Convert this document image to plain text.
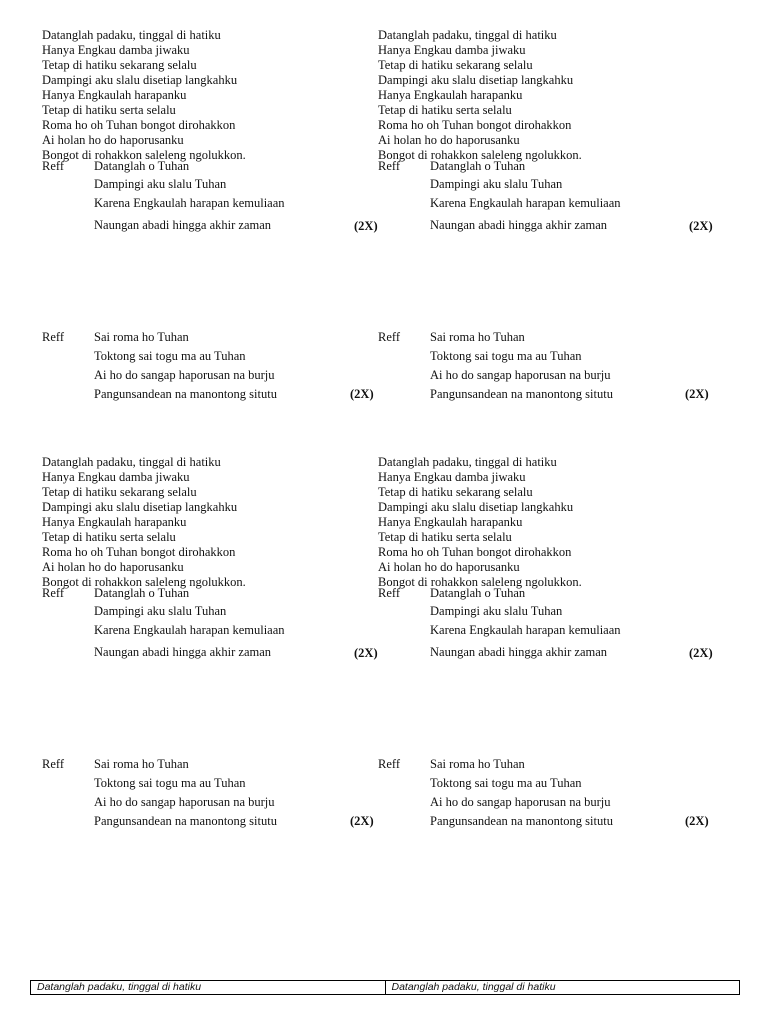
Datanglah padaku, tinggal di hatiku
Hanya Engkau damba jiwaku
Tetap di hatiku sekarang selalu
Dampingi aku slalu disetiap langkahku
Hanya Engkaulah harapanku
Tetap di hatiku serta selalu
Reff Datanglah o Tuhan
Dampingi aku slalu Tuhan
Karena Engkaulah harapan kemuliaan
Naungan abadi hingga akhir zaman	(2X)
Roma ho oh Tuhan bongot dirohakkon
Ai holan ho do haporusanku
Bongot di rohakkon saleleng ngolukkon.
Reff Sai roma ho Tuhan
Toktong sai togu ma au Tuhan
Ai ho do sangap haporusan na burju
Pangunsandean na manontong situtu	(2X)
Datanglah padaku, tinggal di hatiku
Hanya Engkau damba jiwaku
Tetap di hatiku sekarang selalu
Dampingi aku slalu disetiap langkahku
Hanya Engkaulah harapanku
Tetap di hatiku serta selalu
Reff Datanglah o Tuhan
Dampingi aku slalu Tuhan
Karena Engkaulah harapan kemuliaan
Naungan abadi hingga akhir zaman	(2X)
Roma ho oh Tuhan bongot dirohakkon
Ai holan ho do haporusanku
Bongot di rohakkon saleleng ngolukkon.
Reff Sai roma ho Tuhan
Toktong sai togu ma au Tuhan
Ai ho do sangap haporusan na burju
Pangunsandean na manontong situtu	(2X)
Datanglah padaku, tinggal di hatiku
Hanya Engkau damba jiwaku
Tetap di hatiku sekarang selalu
Dampingi aku slalu disetiap langkahku
Hanya Engkaulah harapanku
Tetap di hatiku serta selalu
Reff Datanglah o Tuhan
Dampingi aku slalu Tuhan
Karena Engkaulah harapan kemuliaan
Naungan abadi hingga akhir zaman	(2X)
Roma ho oh Tuhan bongot dirohakkon
Ai holan ho do haporusanku
Bongot di rohakkon saleleng ngolukkon.
Reff Sai roma ho Tuhan
Toktong sai togu ma au Tuhan
Ai ho do sangap haporusan na burju
Pangunsandean na manontong situtu	(2X)
Datanglah padaku, tinggal di hatiku
Hanya Engkau damba jiwaku
Tetap di hatiku sekarang selalu
Dampingi aku slalu disetiap langkahku
Hanya Engkaulah harapanku
Tetap di hatiku serta selalu
Reff Datanglah o Tuhan
Dampingi aku slalu Tuhan
Karena Engkaulah harapan kemuliaan
Naungan abadi hingga akhir zaman	(2X)
Roma ho oh Tuhan bongot dirohakkon
Ai holan ho do haporusanku
Bongot di rohakkon saleleng ngolukkon.
Reff Sai roma ho Tuhan
Toktong sai togu ma au Tuhan
Ai ho do sangap haporusan na burju
Pangunsandean na manontong situtu	(2X)
Datanglah padaku, tinggal di hatiku	Datanglah padaku, tinggal di hatiku
